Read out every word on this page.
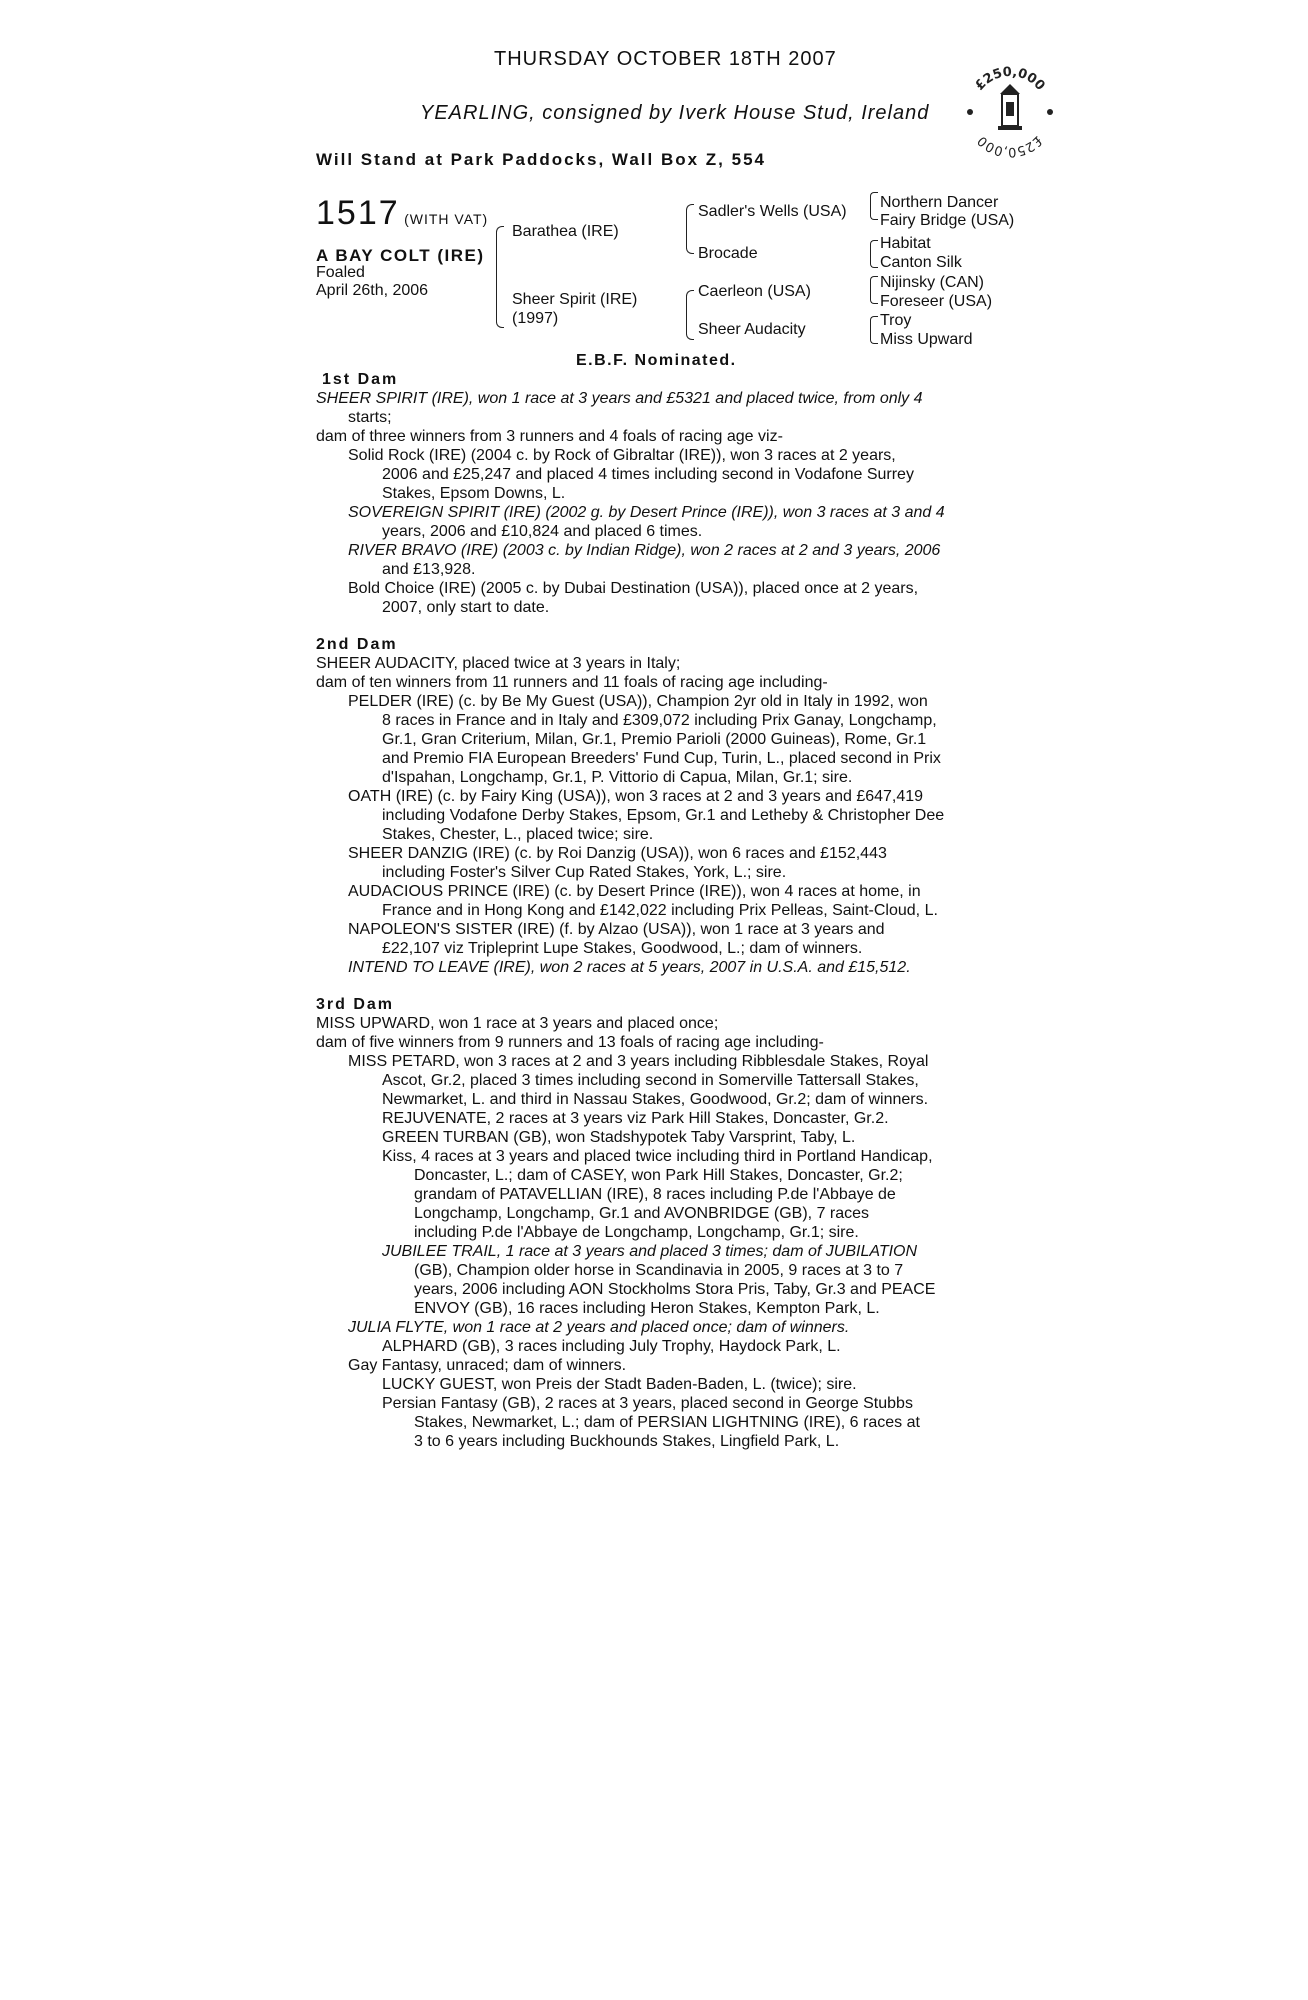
THURSDAY OCTOBER 18TH 2007
YEARLING, consigned by Iverk House Stud, Ireland
Will Stand at Park Paddocks, Wall Box Z, 554
£250,000
£250,000
1517 (WITH VAT)
A BAY COLT (IRE)
Foaled
April 26th, 2006
Barathea (IRE)
Sheer Spirit (IRE)
(1997)
Sadler's Wells (USA)
Brocade
Caerleon (USA)
Sheer Audacity
Northern Dancer
Fairy Bridge (USA)
Habitat
Canton Silk
Nijinsky (CAN)
Foreseer (USA)
Troy
Miss Upward
E.B.F. Nominated.
1st Dam
SHEER SPIRIT (IRE), won 1 race at 3 years and £5321 and placed twice, from only 4
starts;
dam of three winners from 3 runners and 4 foals of racing age viz-
Solid Rock (IRE) (2004 c. by Rock of Gibraltar (IRE)), won 3 races at 2 years,
2006 and £25,247 and placed 4 times including second in Vodafone Surrey
Stakes, Epsom Downs, L.
SOVEREIGN SPIRIT (IRE) (2002 g. by Desert Prince (IRE)), won 3 races at 3 and 4
years, 2006 and £10,824 and placed 6 times.
RIVER BRAVO (IRE) (2003 c. by Indian Ridge), won 2 races at 2 and 3 years, 2006
and £13,928.
Bold Choice (IRE) (2005 c. by Dubai Destination (USA)), placed once at 2 years,
2007, only start to date.
2nd Dam
SHEER AUDACITY, placed twice at 3 years in Italy;
dam of ten winners from 11 runners and 11 foals of racing age including-
PELDER (IRE) (c. by Be My Guest (USA)), Champion 2yr old in Italy in 1992, won
8 races in France and in Italy and £309,072 including Prix Ganay, Longchamp,
Gr.1, Gran Criterium, Milan, Gr.1, Premio Parioli (2000 Guineas), Rome, Gr.1
and Premio FIA European Breeders' Fund Cup, Turin, L., placed second in Prix
d'Ispahan, Longchamp, Gr.1, P. Vittorio di Capua, Milan, Gr.1; sire.
OATH (IRE) (c. by Fairy King (USA)), won 3 races at 2 and 3 years and £647,419
including Vodafone Derby Stakes, Epsom, Gr.1 and Letheby & Christopher Dee
Stakes, Chester, L., placed twice; sire.
SHEER DANZIG (IRE) (c. by Roi Danzig (USA)), won 6 races and £152,443
including Foster's Silver Cup Rated Stakes, York, L.; sire.
AUDACIOUS PRINCE (IRE) (c. by Desert Prince (IRE)), won 4 races at home, in
France and in Hong Kong and £142,022 including Prix Pelleas, Saint-Cloud, L.
NAPOLEON'S SISTER (IRE) (f. by Alzao (USA)), won 1 race at 3 years and
£22,107 viz Tripleprint Lupe Stakes, Goodwood, L.; dam of winners.
INTEND TO LEAVE (IRE), won 2 races at 5 years, 2007 in U.S.A. and £15,512.
3rd Dam
MISS UPWARD, won 1 race at 3 years and placed once;
dam of five winners from 9 runners and 13 foals of racing age including-
MISS PETARD, won 3 races at 2 and 3 years including Ribblesdale Stakes, Royal
Ascot, Gr.2, placed 3 times including second in Somerville Tattersall Stakes,
Newmarket, L. and third in Nassau Stakes, Goodwood, Gr.2; dam of winners.
REJUVENATE, 2 races at 3 years viz Park Hill Stakes, Doncaster, Gr.2.
GREEN TURBAN (GB), won Stadshypotek Taby Varsprint, Taby, L.
Kiss, 4 races at 3 years and placed twice including third in Portland Handicap,
Doncaster, L.; dam of CASEY, won Park Hill Stakes, Doncaster, Gr.2;
grandam of PATAVELLIAN (IRE), 8 races including P.de l'Abbaye de
Longchamp, Longchamp, Gr.1 and AVONBRIDGE (GB), 7 races
including P.de l'Abbaye de Longchamp, Longchamp, Gr.1; sire.
JUBILEE TRAIL, 1 race at 3 years and placed 3 times; dam of JUBILATION
(GB), Champion older horse in Scandinavia in 2005, 9 races at 3 to 7
years, 2006 including AON Stockholms Stora Pris, Taby, Gr.3 and PEACE
ENVOY (GB), 16 races including Heron Stakes, Kempton Park, L.
JULIA FLYTE, won 1 race at 2 years and placed once; dam of winners.
ALPHARD (GB), 3 races including July Trophy, Haydock Park, L.
Gay Fantasy, unraced; dam of winners.
LUCKY GUEST, won Preis der Stadt Baden-Baden, L. (twice); sire.
Persian Fantasy (GB), 2 races at 3 years, placed second in George Stubbs
Stakes, Newmarket, L.; dam of PERSIAN LIGHTNING (IRE), 6 races at
3 to 6 years including Buckhounds Stakes, Lingfield Park, L.
